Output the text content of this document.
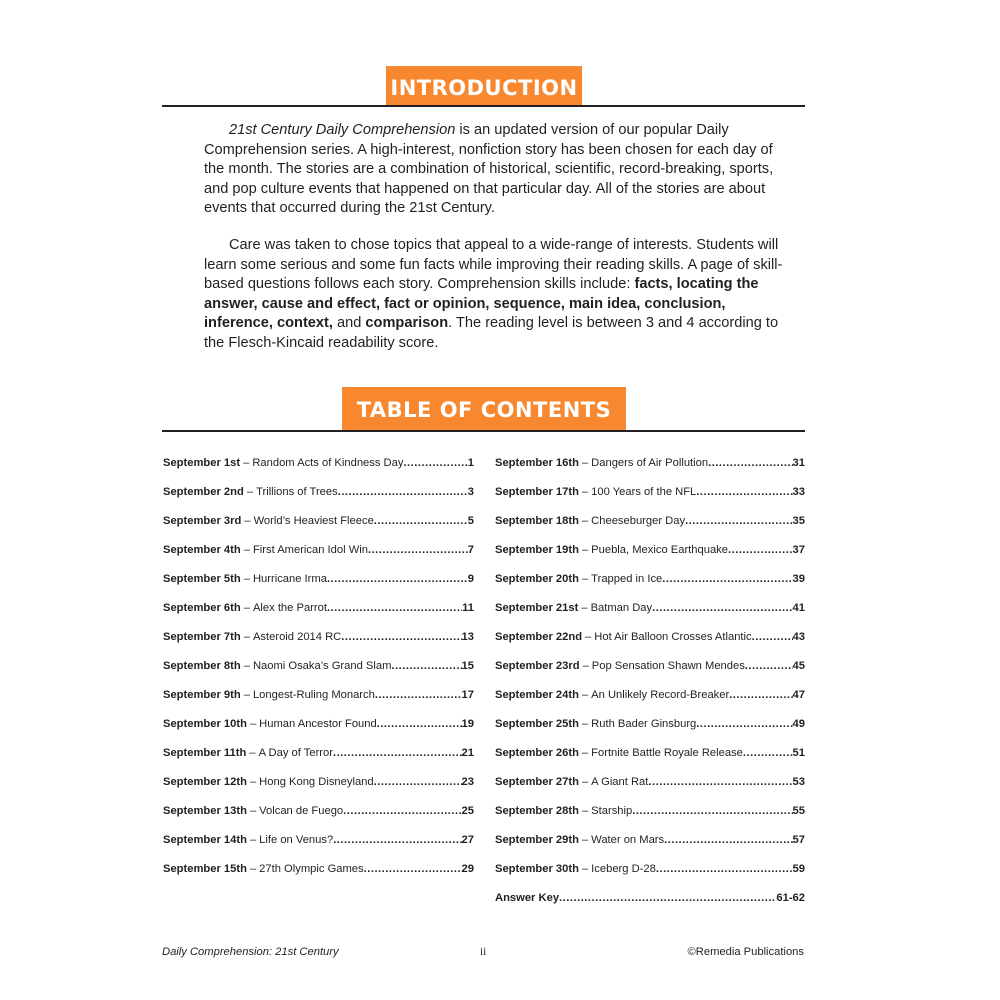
INTRODUCTION

21st Century Daily Comprehension is an updated version of our popular Daily Comprehension series. A high-interest, nonfiction story has been chosen for each day of the month. The stories are a combination of historical, scientific, record-breaking, sports, and pop culture events that happened on that particular day. All of the stories are about events that occurred during the 21st Century.

Care was taken to chose topics that appeal to a wide-range of interests. Students will learn some serious and some fun facts while improving their reading skills. A page of skill-based questions follows each story. Comprehension skills include: facts, locating the answer, cause and effect, fact or opinion, sequence, main idea, conclusion, inference, context, and comparison. The reading level is between 3 and 4 according to the Flesch-Kincaid readability score.

TABLE OF CONTENTS
September 1st – Random Acts of Kindness Day .....	1
September 2nd – Trillions of Trees .....	3
September 3rd – World’s Heaviest Fleece .....	5
September 4th – First American Idol Win .....	7
September 5th – Hurricane Irma .....	9
September 6th – Alex the Parrot .....	11
September 7th – Asteroid 2014 RC .....	13
September 8th – Naomi Osaka’s Grand Slam .....	15
September 9th – Longest-Ruling Monarch .....	17
September 10th – Human Ancestor Found .....	19
September 11th – A Day of Terror .....	21
September 12th – Hong Kong Disneyland .....	23
September 13th – Volcan de Fuego .....	25
September 14th – Life on Venus? .....	27
September 15th – 27th Olympic Games .....	29
September 16th – Dangers of Air Pollution .....	31
September 17th – 100 Years of the NFL .....	33
September 18th – Cheeseburger Day .....	35
September 19th – Puebla, Mexico Earthquake .....	37
September 20th – Trapped in Ice .....	39
September 21st – Batman Day .....	41
September 22nd – Hot Air Balloon Crosses Atlantic .....	43
September 23rd – Pop Sensation Shawn Mendes .....	45
September 24th – An Unlikely Record-Breaker .....	47
September 25th – Ruth Bader Ginsburg .....	49
September 26th – Fortnite Battle Royale Release .....	51
September 27th – A Giant Rat .....	53
September 28th – Starship .....	55
September 29th – Water on Mars .....	57
September 30th – Iceberg D-28 .....	59
Answer Key .....	61-62
Daily Comprehension: 21st Century	ii	©Remedia Publications
